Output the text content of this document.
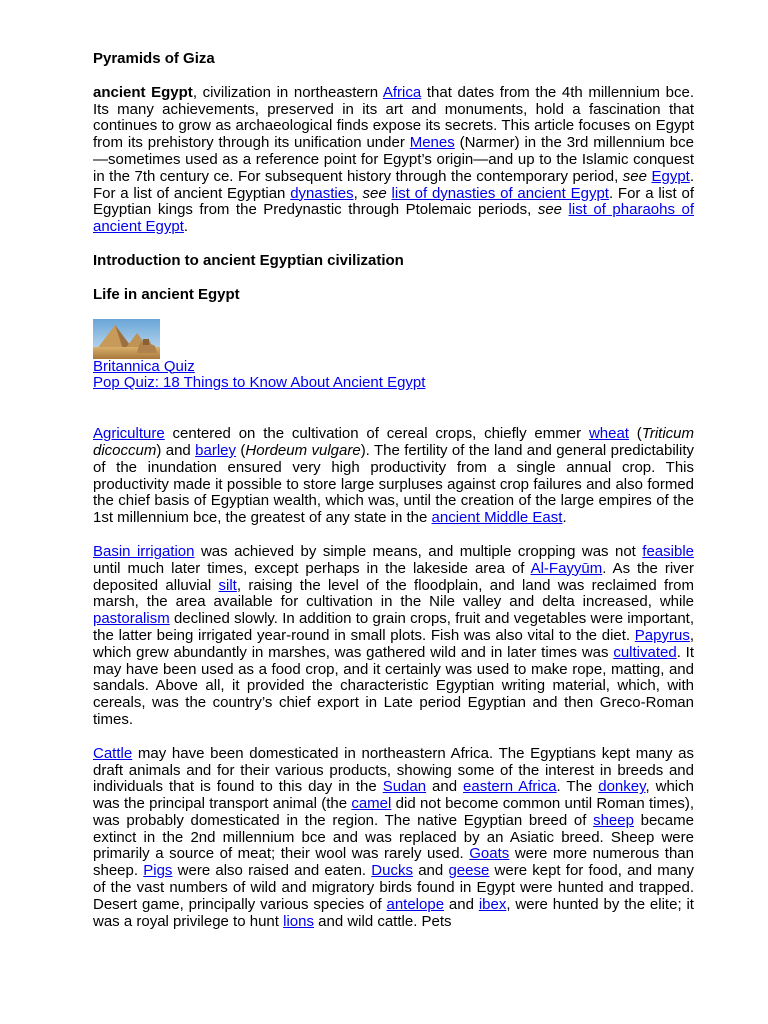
Pyramids of Giza

ancient Egypt, civilization in northeastern Africa that dates from the 4th millennium bce. Its many achievements, preserved in its art and monuments, hold a fascination that continues to grow as archaeological finds expose its secrets. This article focuses on Egypt from its prehistory through its unification under Menes (Narmer) in the 3rd millennium bce—sometimes used as a reference point for Egypt’s origin—and up to the Islamic conquest in the 7th century ce. For subsequent history through the contemporary period, see Egypt. For a list of ancient Egyptian dynasties, see list of dynasties of ancient Egypt. For a list of Egyptian kings from the Predynastic through Ptolemaic periods, see list of pharaohs of ancient Egypt.

Introduction to ancient Egyptian civilization
Life in ancient Egypt
Britannica Quiz
Pop Quiz: 18 Things to Know About Ancient Egypt

Agriculture centered on the cultivation of cereal crops, chiefly emmer wheat (Triticum dicoccum) and barley (Hordeum vulgare). The fertility of the land and general predictability of the inundation ensured very high productivity from a single annual crop. This productivity made it possible to store large surpluses against crop failures and also formed the chief basis of Egyptian wealth, which was, until the creation of the large empires of the 1st millennium bce, the greatest of any state in the ancient Middle East.

Basin irrigation was achieved by simple means, and multiple cropping was not feasible until much later times, except perhaps in the lakeside area of Al-Fayyūm. As the river deposited alluvial silt, raising the level of the floodplain, and land was reclaimed from marsh, the area available for cultivation in the Nile valley and delta increased, while pastoralism declined slowly. In addition to grain crops, fruit and vegetables were important, the latter being irrigated year-round in small plots. Fish was also vital to the diet. Papyrus, which grew abundantly in marshes, was gathered wild and in later times was cultivated. It may have been used as a food crop, and it certainly was used to make rope, matting, and sandals. Above all, it provided the characteristic Egyptian writing material, which, with cereals, was the country’s chief export in Late period Egyptian and then Greco-Roman times.

Cattle may have been domesticated in northeastern Africa. The Egyptians kept many as draft animals and for their various products, showing some of the interest in breeds and individuals that is found to this day in the Sudan and eastern Africa. The donkey, which was the principal transport animal (the camel did not become common until Roman times), was probably domesticated in the region. The native Egyptian breed of sheep became extinct in the 2nd millennium bce and was replaced by an Asiatic breed. Sheep were primarily a source of meat; their wool was rarely used. Goats were more numerous than sheep. Pigs were also raised and eaten. Ducks and geese were kept for food, and many of the vast numbers of wild and migratory birds found in Egypt were hunted and trapped. Desert game, principally various species of antelope and ibex, were hunted by the elite; it was a royal privilege to hunt lions and wild cattle. Pets
